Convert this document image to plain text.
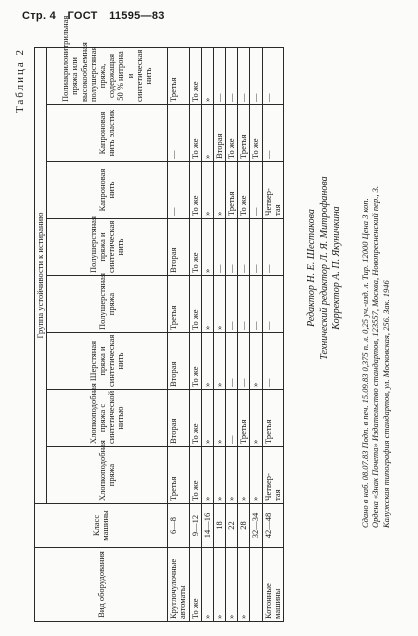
Стр. 4 ГОСТ 11595—83
Таблица 2
Вид оборудования	Класс машины	Группа устойчивости к истиранию							
		Хлопкоподобная пряжа	Хлопкоподобная пряжа с синтетической нитью	Шерстяная пряжа и синтетическая нить	Полушерстяная пряжа	Полушерстяная пряжа и синтетическая нить	Капроновая нить	Капроновая нить эластик	Полиакрилонитрильная пряжа или высокообъемная полушерстяная пряжа, содержащая 50 % нитрона и синтетическая нить

Круглочулочные автоматы	6—8	Третья	Вторая	Вторая	Третья	Вторая	—	—	Третья

То же	9—12	То же	То же	То же	То же	То же	То же	То же	То же

»	14—16	»	»	»	»	»	»	»	»

»	18	»	»	»	»	—	»	Вторая	—

»	22	»	—	—	—	—	Третья	То же	—

»	28	»	Третья	—	—	—	То же	Третья	—

	32—34	»	»	»	—	—	—	То же	—

Котонные машины	42—48	Четвер- тая	Третья	—	—	—	Четвер- тая	—	—
Редактор Н. Е. Шестакова Технический редактор Л. Я. Митрофанова Корректор А. П. Якуничкина Сдано в наб. 08.07.83 Подп. в печ. 15.09.83 0,375 п. л. 0,25 уч.-изд. л. Тир. 12000 Цена 3 коп. Ордена «Знак Почета» Издательство стандартов, 123557, Москва, Новопресненский пер., 3. Калужская типография стандартов, ул. Московская, 256. Зак. 1946
